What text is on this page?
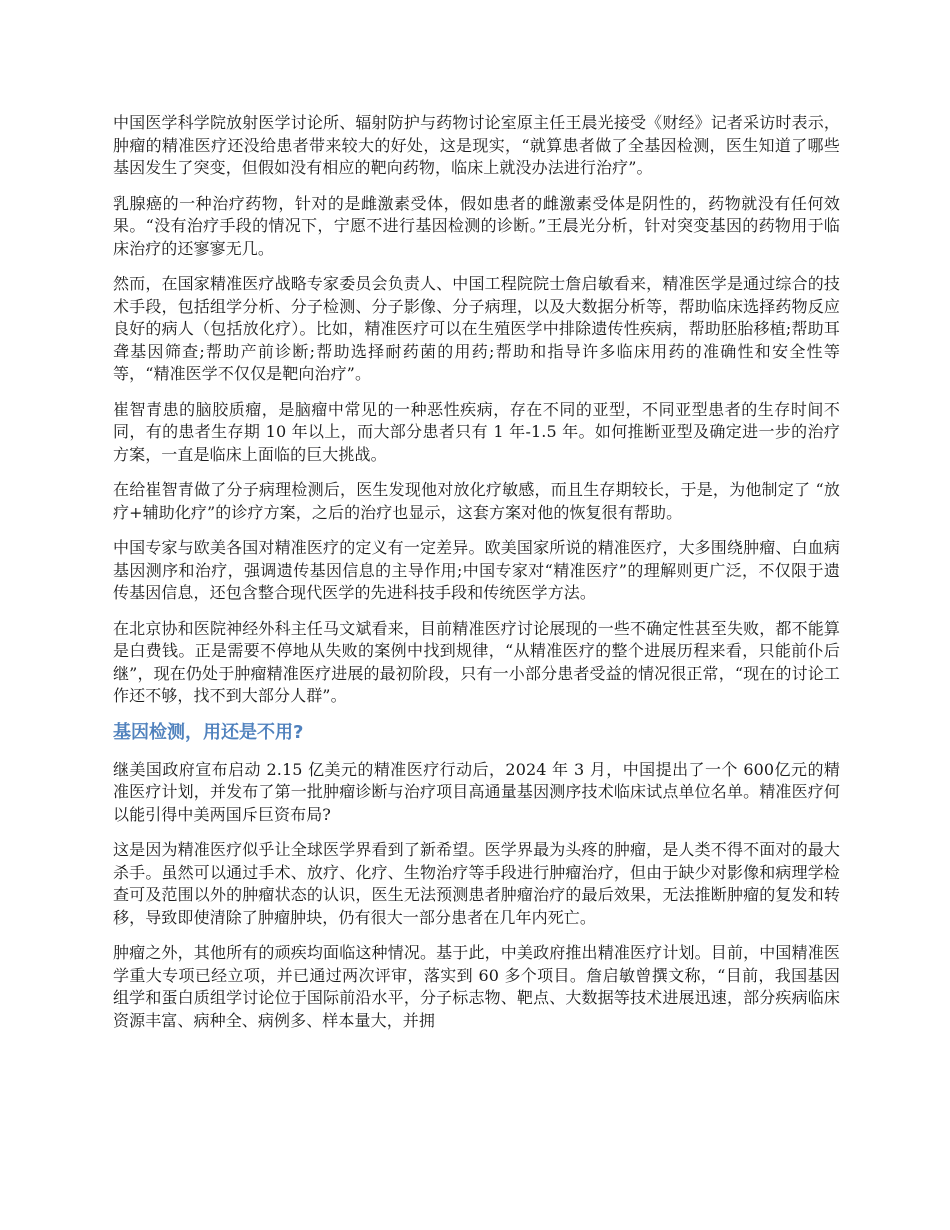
中国医学科学院放射医学讨论所、辐射防护与药物讨论室原主任王晨光接受《财经》记者采访时表示，肿瘤的精准医疗还没给患者带来较大的好处，这是现实，“就算患者做了全基因检测，医生知道了哪些基因发生了突变，但假如没有相应的靶向药物，临床上就没办法进行治疗”。

乳腺癌的一种治疗药物，针对的是雌激素受体，假如患者的雌激素受体是阴性的，药物就没有任何效果。“没有治疗手段的情况下，宁愿不进行基因检测的诊断。”王晨光分析，针对突变基因的药物用于临床治疗的还寥寥无几。

然而，在国家精准医疗战略专家委员会负责人、中国工程院院士詹启敏看来，精准医学是通过综合的技术手段，包括组学分析、分子检测、分子影像、分子病理，以及大数据分析等，帮助临床选择药物反应良好的病人（包括放化疗）。比如，精准医疗可以在生殖医学中排除遗传性疾病，帮助胚胎移植;帮助耳聋基因筛查;帮助产前诊断;帮助选择耐药菌的用药;帮助和指导许多临床用药的准确性和安全性等等，“精准医学不仅仅是靶向治疗”。

崔智青患的脑胶质瘤，是脑瘤中常见的一种恶性疾病，存在不同的亚型，不同亚型患者的生存时间不同，有的患者生存期 10 年以上，而大部分患者只有 1 年-1.5 年。如何推断亚型及确定进一步的治疗方案，一直是临床上面临的巨大挑战。

在给崔智青做了分子病理检测后，医生发现他对放化疗敏感，而且生存期较长，于是，为他制定了 “放疗+辅助化疗”的诊疗方案，之后的治疗也显示，这套方案对他的恢复很有帮助。

中国专家与欧美各国对精准医疗的定义有一定差异。欧美国家所说的精准医疗，大多围绕肿瘤、白血病基因测序和治疗，强调遗传基因信息的主导作用;中国专家对“精准医疗”的理解则更广泛，不仅限于遗传基因信息，还包含整合现代医学的先进科技手段和传统医学方法。

在北京协和医院神经外科主任马文斌看来，目前精准医疗讨论展现的一些不确定性甚至失败，都不能算是白费钱。正是需要不停地从失败的案例中找到规律，“从精准医疗的整个进展历程来看，只能前仆后继”，现在仍处于肿瘤精准医疗进展的最初阶段，只有一小部分患者受益的情况很正常，“现在的讨论工作还不够，找不到大部分人群”。

基因检测，用还是不用?

继美国政府宣布启动 2.15 亿美元的精准医疗行动后，2024 年 3 月，中国提出了一个 600亿元的精准医疗计划，并发布了第一批肿瘤诊断与治疗项目高通量基因测序技术临床试点单位名单。精准医疗何以能引得中美两国斥巨资布局?

这是因为精准医疗似乎让全球医学界看到了新希望。医学界最为头疼的肿瘤，是人类不得不面对的最大杀手。虽然可以通过手术、放疗、化疗、生物治疗等手段进行肿瘤治疗，但由于缺少对影像和病理学检查可及范围以外的肿瘤状态的认识，医生无法预测患者肿瘤治疗的最后效果，无法推断肿瘤的复发和转移，导致即使清除了肿瘤肿块，仍有很大一部分患者在几年内死亡。

肿瘤之外，其他所有的顽疾均面临这种情况。基于此，中美政府推出精准医疗计划。目前，中国精准医学重大专项已经立项，并已通过两次评审，落实到 60 多个项目。詹启敏曾撰文称，“目前，我国基因组学和蛋白质组学讨论位于国际前沿水平，分子标志物、靶点、大数据等技术进展迅速，部分疾病临床资源丰富、病种全、病例多、样本量大，并拥
